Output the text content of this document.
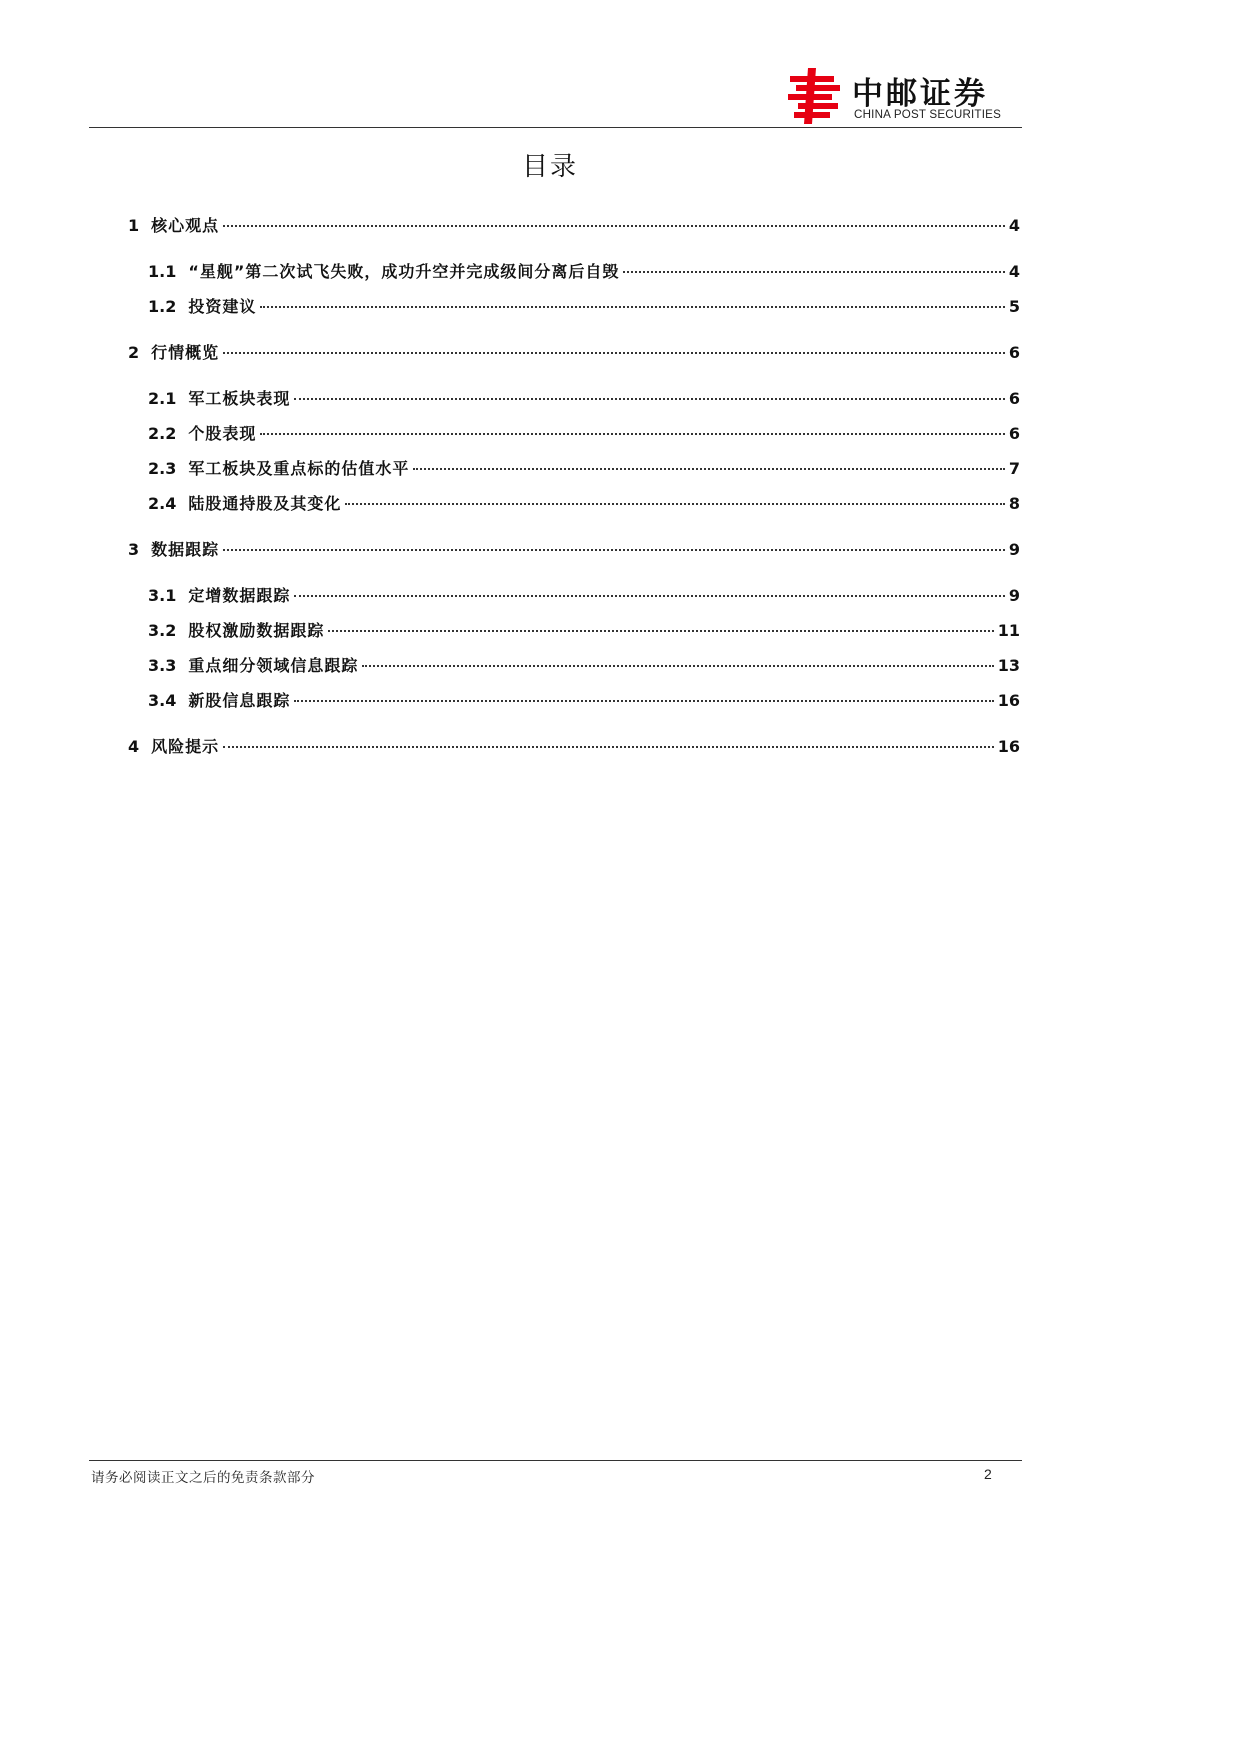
中邮证券
CHINA POST SECURITIES
目录
1 核心观点	4
1.1 “星舰”第二次试飞失败，成功升空并完成级间分离后自毁	4
1.2 投资建议	5
2 行情概览	6
2.1 军工板块表现	6
2.2 个股表现	6
2.3 军工板块及重点标的估值水平	7
2.4 陆股通持股及其变化	8
3 数据跟踪	9
3.1 定增数据跟踪	9
3.2 股权激励数据跟踪	11
3.3 重点细分领域信息跟踪	13
3.4 新股信息跟踪	16
4 风险提示	16
请务必阅读正文之后的免责条款部分	2
